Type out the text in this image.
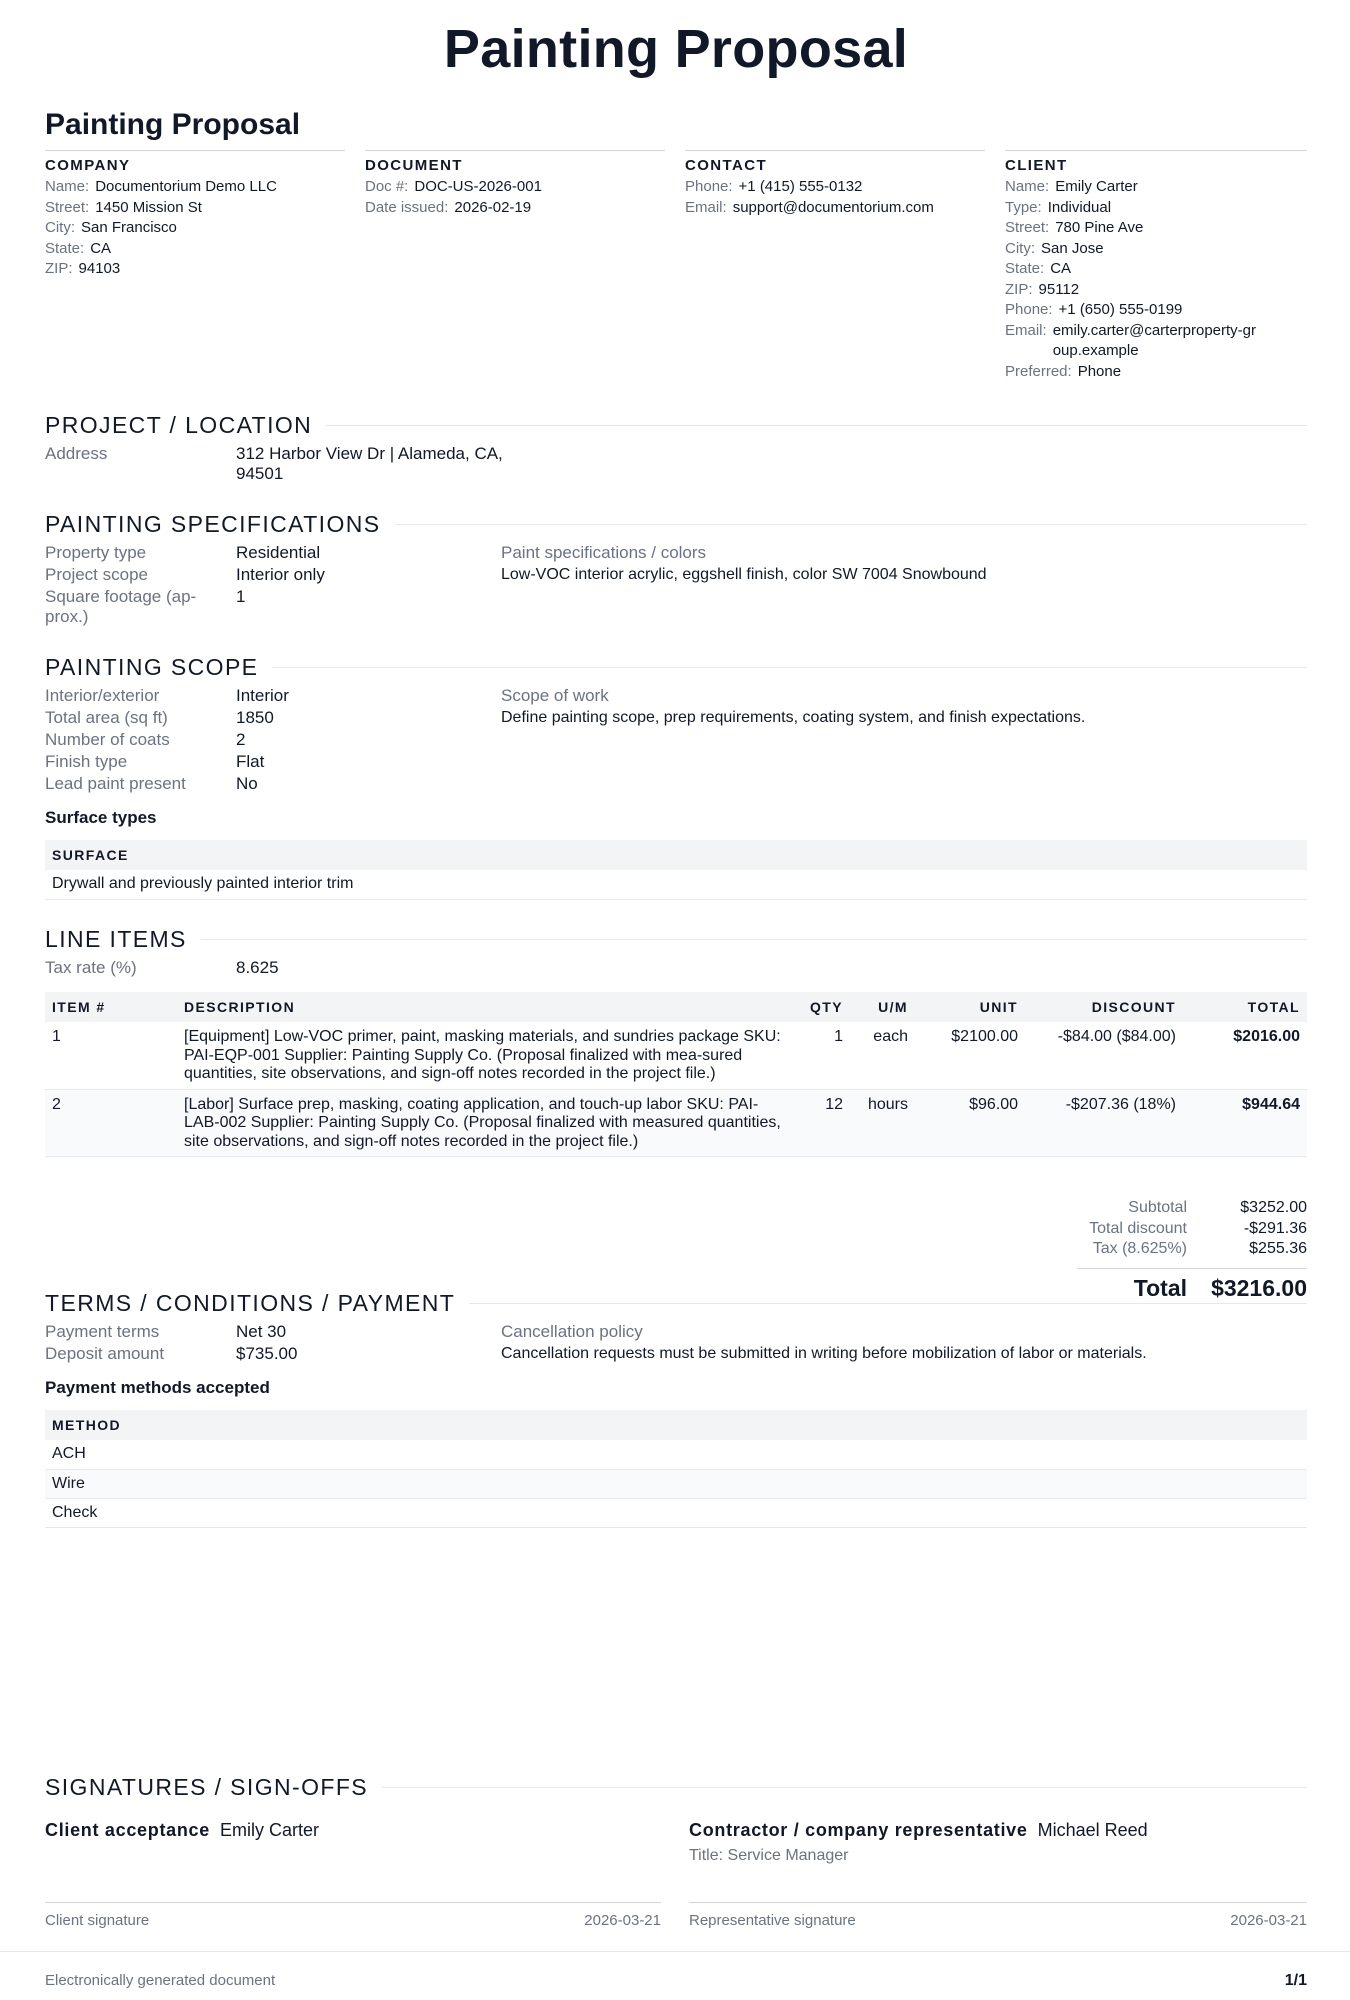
Painting Proposal
Painting Proposal
COMPANY
Name: Documentorium Demo LLC
Street: 1450 Mission St
City: San Francisco
State: CA
ZIP: 94103
DOCUMENT
Doc #: DOC-US-2026-001
Date issued: 2026-02-19
CONTACT
Phone: +1 (415) 555-0132
Email: support@documentorium.com
CLIENT
Name: Emily Carter
Type: Individual
Street: 780 Pine Ave
City: San Jose
State: CA
ZIP: 95112
Phone: +1 (650) 555-0199
Email: emily.carter@carterproperty-group.example
Preferred: Phone
PROJECT / LOCATION
Address	312 Harbor View Dr | Alameda, CA, 94501
PAINTING SPECIFICATIONS
Property type	Residential
Project scope	Interior only
Square footage (ap-prox.)
1
Paint specifications / colors
Low-VOC interior acrylic, eggshell finish, color SW 7004 Snowbound
PAINTING SCOPE
Interior/exterior	Interior
Total area (sq ft)	1850
Number of coats	2
Finish type	Flat
Lead paint present	No
Scope of work
Define painting scope, prep requirements, coating system, and finish expectations.
Surface types
SURFACE
Drywall and previously painted interior trim
LINE ITEMS
Tax rate (%)	8.625
ITEM #	DESCRIPTION	QTY	U/M	UNIT	DISCOUNT	TOTAL
1	[Equipment] Low-VOC primer, paint, masking materials, and sundries package SKU: PAI-EQP-001 Supplier: Painting Supply Co. (Proposal finalized with mea-sured quantities, site observations, and sign-off notes recorded in the project file.)	1	each	$2100.00	-$84.00 ($84.00)	$2016.00
2	[Labor] Surface prep, masking, coating application, and touch-up labor SKU: PAI-LAB-002 Supplier: Painting Supply Co. (Proposal finalized with measured quantities, site observations, and sign-off notes recorded in the project file.)	12	hours	$96.00	-$207.36 (18%)	$944.64
Subtotal	$3252.00
Total discount	-$291.36
Tax (8.625%)	$255.36
Total	$3216.00
TERMS / CONDITIONS / PAYMENT
Payment terms	Net 30
Deposit amount	$735.00
Cancellation policy
Cancellation requests must be submitted in writing before mobilization of labor or materials.
Payment methods accepted
METHOD
ACH
Wire
Check
SIGNATURES / SIGN-OFFS
Client acceptance Emily Carter
Client signature	2026-03-21
Contractor / company representative Michael Reed
Title: Service Manager
Representative signature	2026-03-21
Electronically generated document	1/1
